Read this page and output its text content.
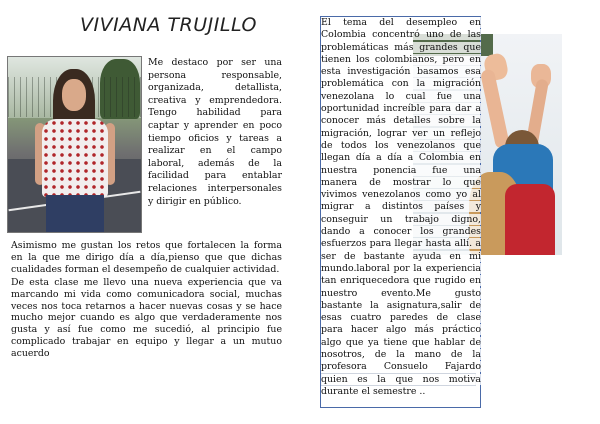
VIVIANA TRUJILLO
Me destaco por ser una persona responsable, organizada, detallista, creativa y emprendedora. Tengo habilidad para captar y aprender en poco tiempo oficios y tareas a realizar en el campo laboral, además de la facilidad para entablar relaciones interpersonales y dirigir en público.
Asimismo me gustan los retos que fortalecen la forma en la que me dirigo día a día,pienso que que dichas cualidades forman el desempeño de cualquier actividad.
De esta clase me llevo una nueva experiencia que va marcando mi vida como comunicadora social, muchas veces nos toca retarnos a hacer nuevas cosas y se hace mucho mejor cuando es algo que verdaderamente nos gusta y así fue como me sucedió, al principio fue complicado trabajar en equipo y llegar a un mutuo acuerdo
El tema del desempleo en Colombia concentró uno de las problemáticas más grandes que tienen los colombianos, pero en esta investigación basamos esa problemática con la migración venezolana lo cual fue una oportunidad increíble para dar a conocer más detalles sobre la migración, lograr ver un reflejo de todos los venezolanos que llegan día a día a Colombia en nuestra ponencia fue una manera de mostrar lo que vivimos venezolanos como yo al migrar a distintos países y conseguir un trabajo digno, dando a conocer los grandes esfuerzos para llegar hasta allí. a ser de bastante ayuda en mi mundo.laboral por la experiencia tan enriquecedora que rugido en nuestro evento.Me gusto bastante la asignatura,salir de esas cuatro paredes de clase para hacer algo más práctico algo que ya tiene que hablar de nosotros, de la mano de la profesora Consuelo Fajardo quien es la que nos motiva durante el semestre ..
